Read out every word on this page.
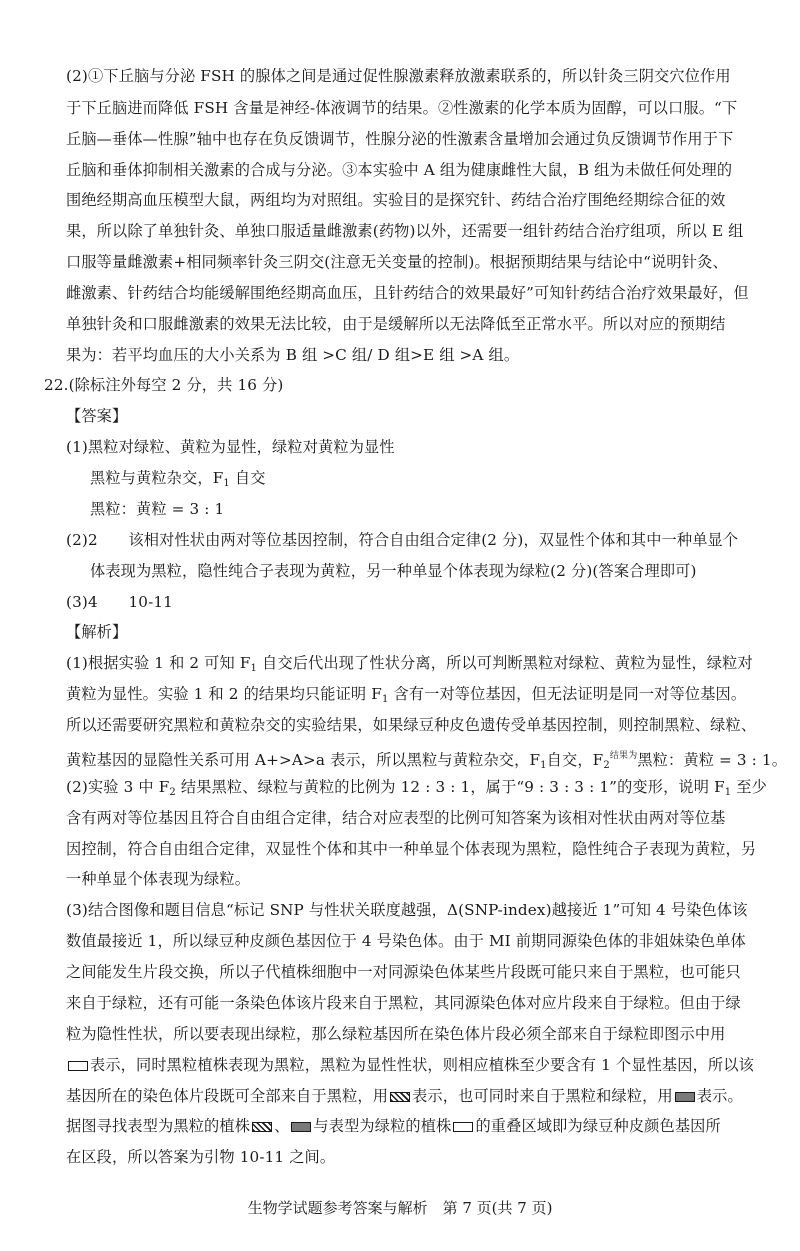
(2)①下丘脑与分泌 FSH 的腺体之间是通过促性腺激素释放激素联系的，所以针灸三阴交穴位作用
于下丘脑进而降低 FSH 含量是神经-体液调节的结果。②性激素的化学本质为固醇，可以口服。“下
丘脑—垂体—性腺”轴中也存在负反馈调节，性腺分泌的性激素含量增加会通过负反馈调节作用于下
丘脑和垂体抑制相关激素的合成与分泌。③本实验中 A 组为健康雌性大鼠，B 组为未做任何处理的
围绝经期高血压模型大鼠，两组均为对照组。实验目的是探究针、药结合治疗围绝经期综合征的效
果，所以除了单独针灸、单独口服适量雌激素(药物)以外，还需要一组针药结合治疗组项，所以 E 组
口服等量雌激素+相同频率针灸三阴交(注意无关变量的控制)。根据预期结果与结论中“说明针灸、
雌激素、针药结合均能缓解围绝经期高血压，且针药结合的效果最好”可知针药结合治疗效果最好，但
单独针灸和口服雌激素的效果无法比较，由于是缓解所以无法降低至正常水平。所以对应的预期结
果为：若平均血压的大小关系为 B 组 >C 组/ D 组>E 组 >A 组。
22.(除标注外每空 2 分，共 16 分)
【答案】
(1)黑粒对绿粒、黄粒为显性，绿粒对黄粒为显性
黑粒与黄粒杂交，$F_1$ 自交
黑粒：黄粒 = 3 : 1
(2)2　　该相对性状由两对等位基因控制，符合自由组合定律(2 分)，双显性个体和其中一种单显个
体表现为黑粒，隐性纯合子表现为黄粒，另一种单显个体表现为绿粒(2 分)(答案合理即可)
(3)4　　10-11
【解析】
(1)根据实验 1 和 2 可知 $F_1$ 自交后代出现了性状分离，所以可判断黑粒对绿粒、黄粒为显性，绿粒对
黄粒为显性。实验 1 和 2 的结果均只能证明 $F_1$ 含有一对等位基因，但无法证明是同一对等位基因。
所以还需要研究黑粒和黄粒杂交的实验结果，如果绿豆种皮色遗传受单基因控制，则控制黑粒、绿粒、
黄粒基因的显隐性关系可用 A+>A>a 表示，所以黑粒与黄粒杂交，$F_1$自交，$F_2^{结果为}$黑粒：黄粒 = 3 : 1。
(2)实验 3 中 $F_2$ 结果黑粒、绿粒与黄粒的比例为 12 : 3 : 1，属于“9 : 3 : 3 : 1”的变形，说明 $F_1$ 至少
含有两对等位基因且符合自由组合定律，结合对应表型的比例可知答案为该相对性状由两对等位基
因控制，符合自由组合定律，双显性个体和其中一种单显个体表现为黑粒，隐性纯合子表现为黄粒，另
一种单显个体表现为绿粒。
(3)结合图像和题目信息“标记 SNP 与性状关联度越强，Δ(SNP-index)越接近 1”可知 4 号染色体该
数值最接近 1，所以绿豆种皮颜色基因位于 4 号染色体。由于 MⅠ 前期同源染色体的非姐妹染色单体
之间能发生片段交换，所以子代植株细胞中一对同源染色体某些片段既可能只来自于黑粒，也可能只
来自于绿粒，还有可能一条染色体该片段来自于黑粒，其同源染色体对应片段来自于绿粒。但由于绿
粒为隐性性状，所以要表现出绿粒，那么绿粒基因所在染色体片段必须全部来自于绿粒即图示中用
表示，同时黑粒植株表现为黑粒，黑粒为显性性状，则相应植株至少要含有 1 个显性基因，所以该
基因所在的染色体片段既可全部来自于黑粒，用 表示，也可同时来自于黑粒和绿粒，用 表示。
据图寻找表型为黑粒的植株 、 与表型为绿粒的植株 的重叠区域即为绿豆种皮颜色基因所
在区段，所以答案为引物 10-11 之间。
生物学试题参考答案与解析　第 7 页(共 7 页)
